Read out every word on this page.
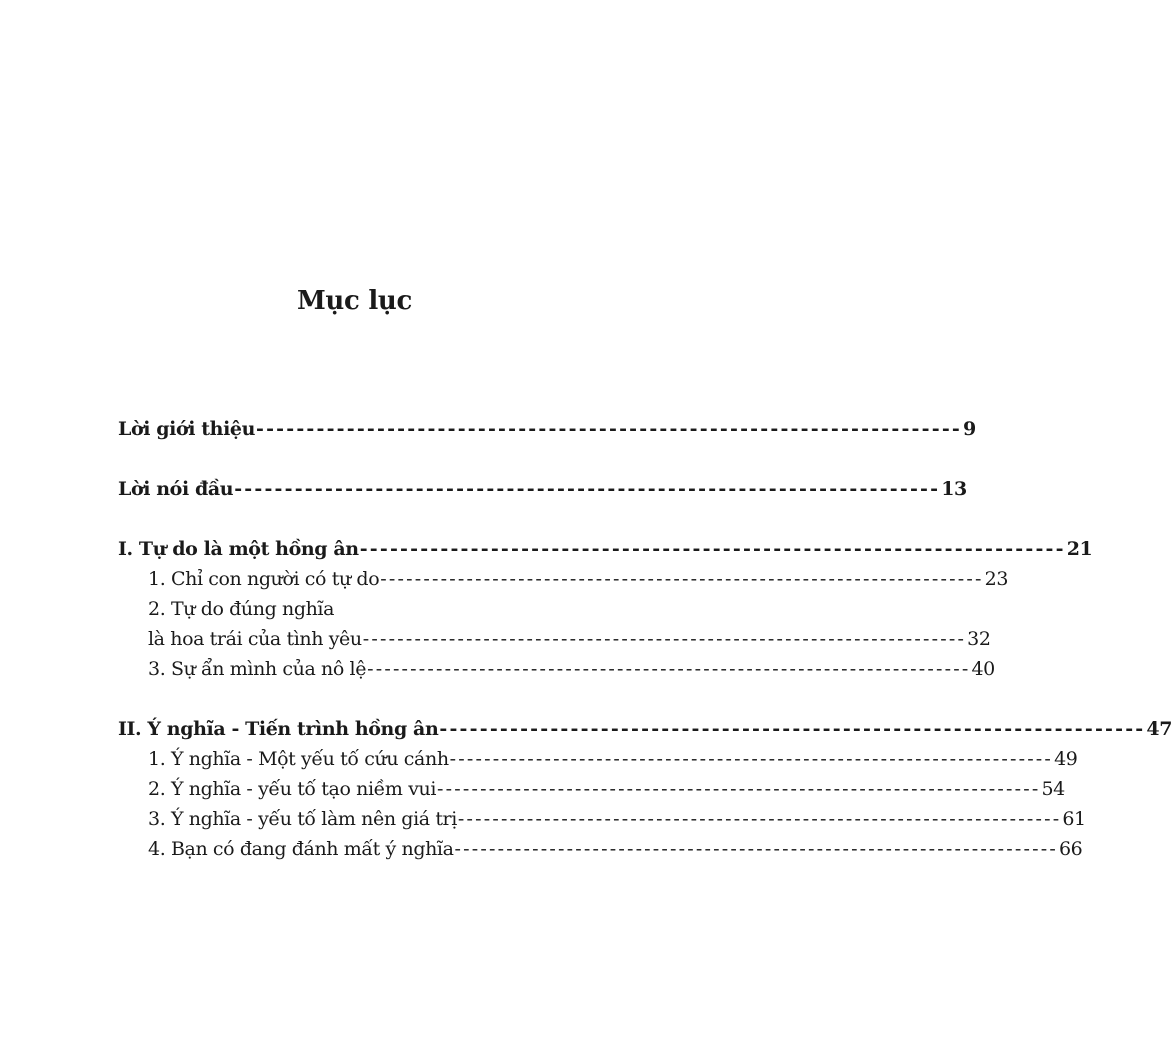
Mục lục
Lời giới thiệu ---------------------------------------------------------------------- 9
Lời nói đầu ---------------------------------------------------------------------- 13
I. Tự do là một hồng ân ---------------------------------------------------------------------- 21
1. Chỉ con người có tự do ---------------------------------------------------------------------- 23
2. Tự do đúng nghĩa
là hoa trái của tình yêu ---------------------------------------------------------------------- 32
3. Sự ẩn mình của nô lệ ---------------------------------------------------------------------- 40
II. Ý nghĩa - Tiến trình hồng ân ---------------------------------------------------------------------- 47
1. Ý nghĩa - Một yếu tố cứu cánh ---------------------------------------------------------------------- 49
2. Ý nghĩa - yếu tố tạo niềm vui ---------------------------------------------------------------------- 54
3. Ý nghĩa - yếu tố làm nên giá trị ---------------------------------------------------------------------- 61
4. Bạn có đang đánh mất ý nghĩa ---------------------------------------------------------------------- 66
